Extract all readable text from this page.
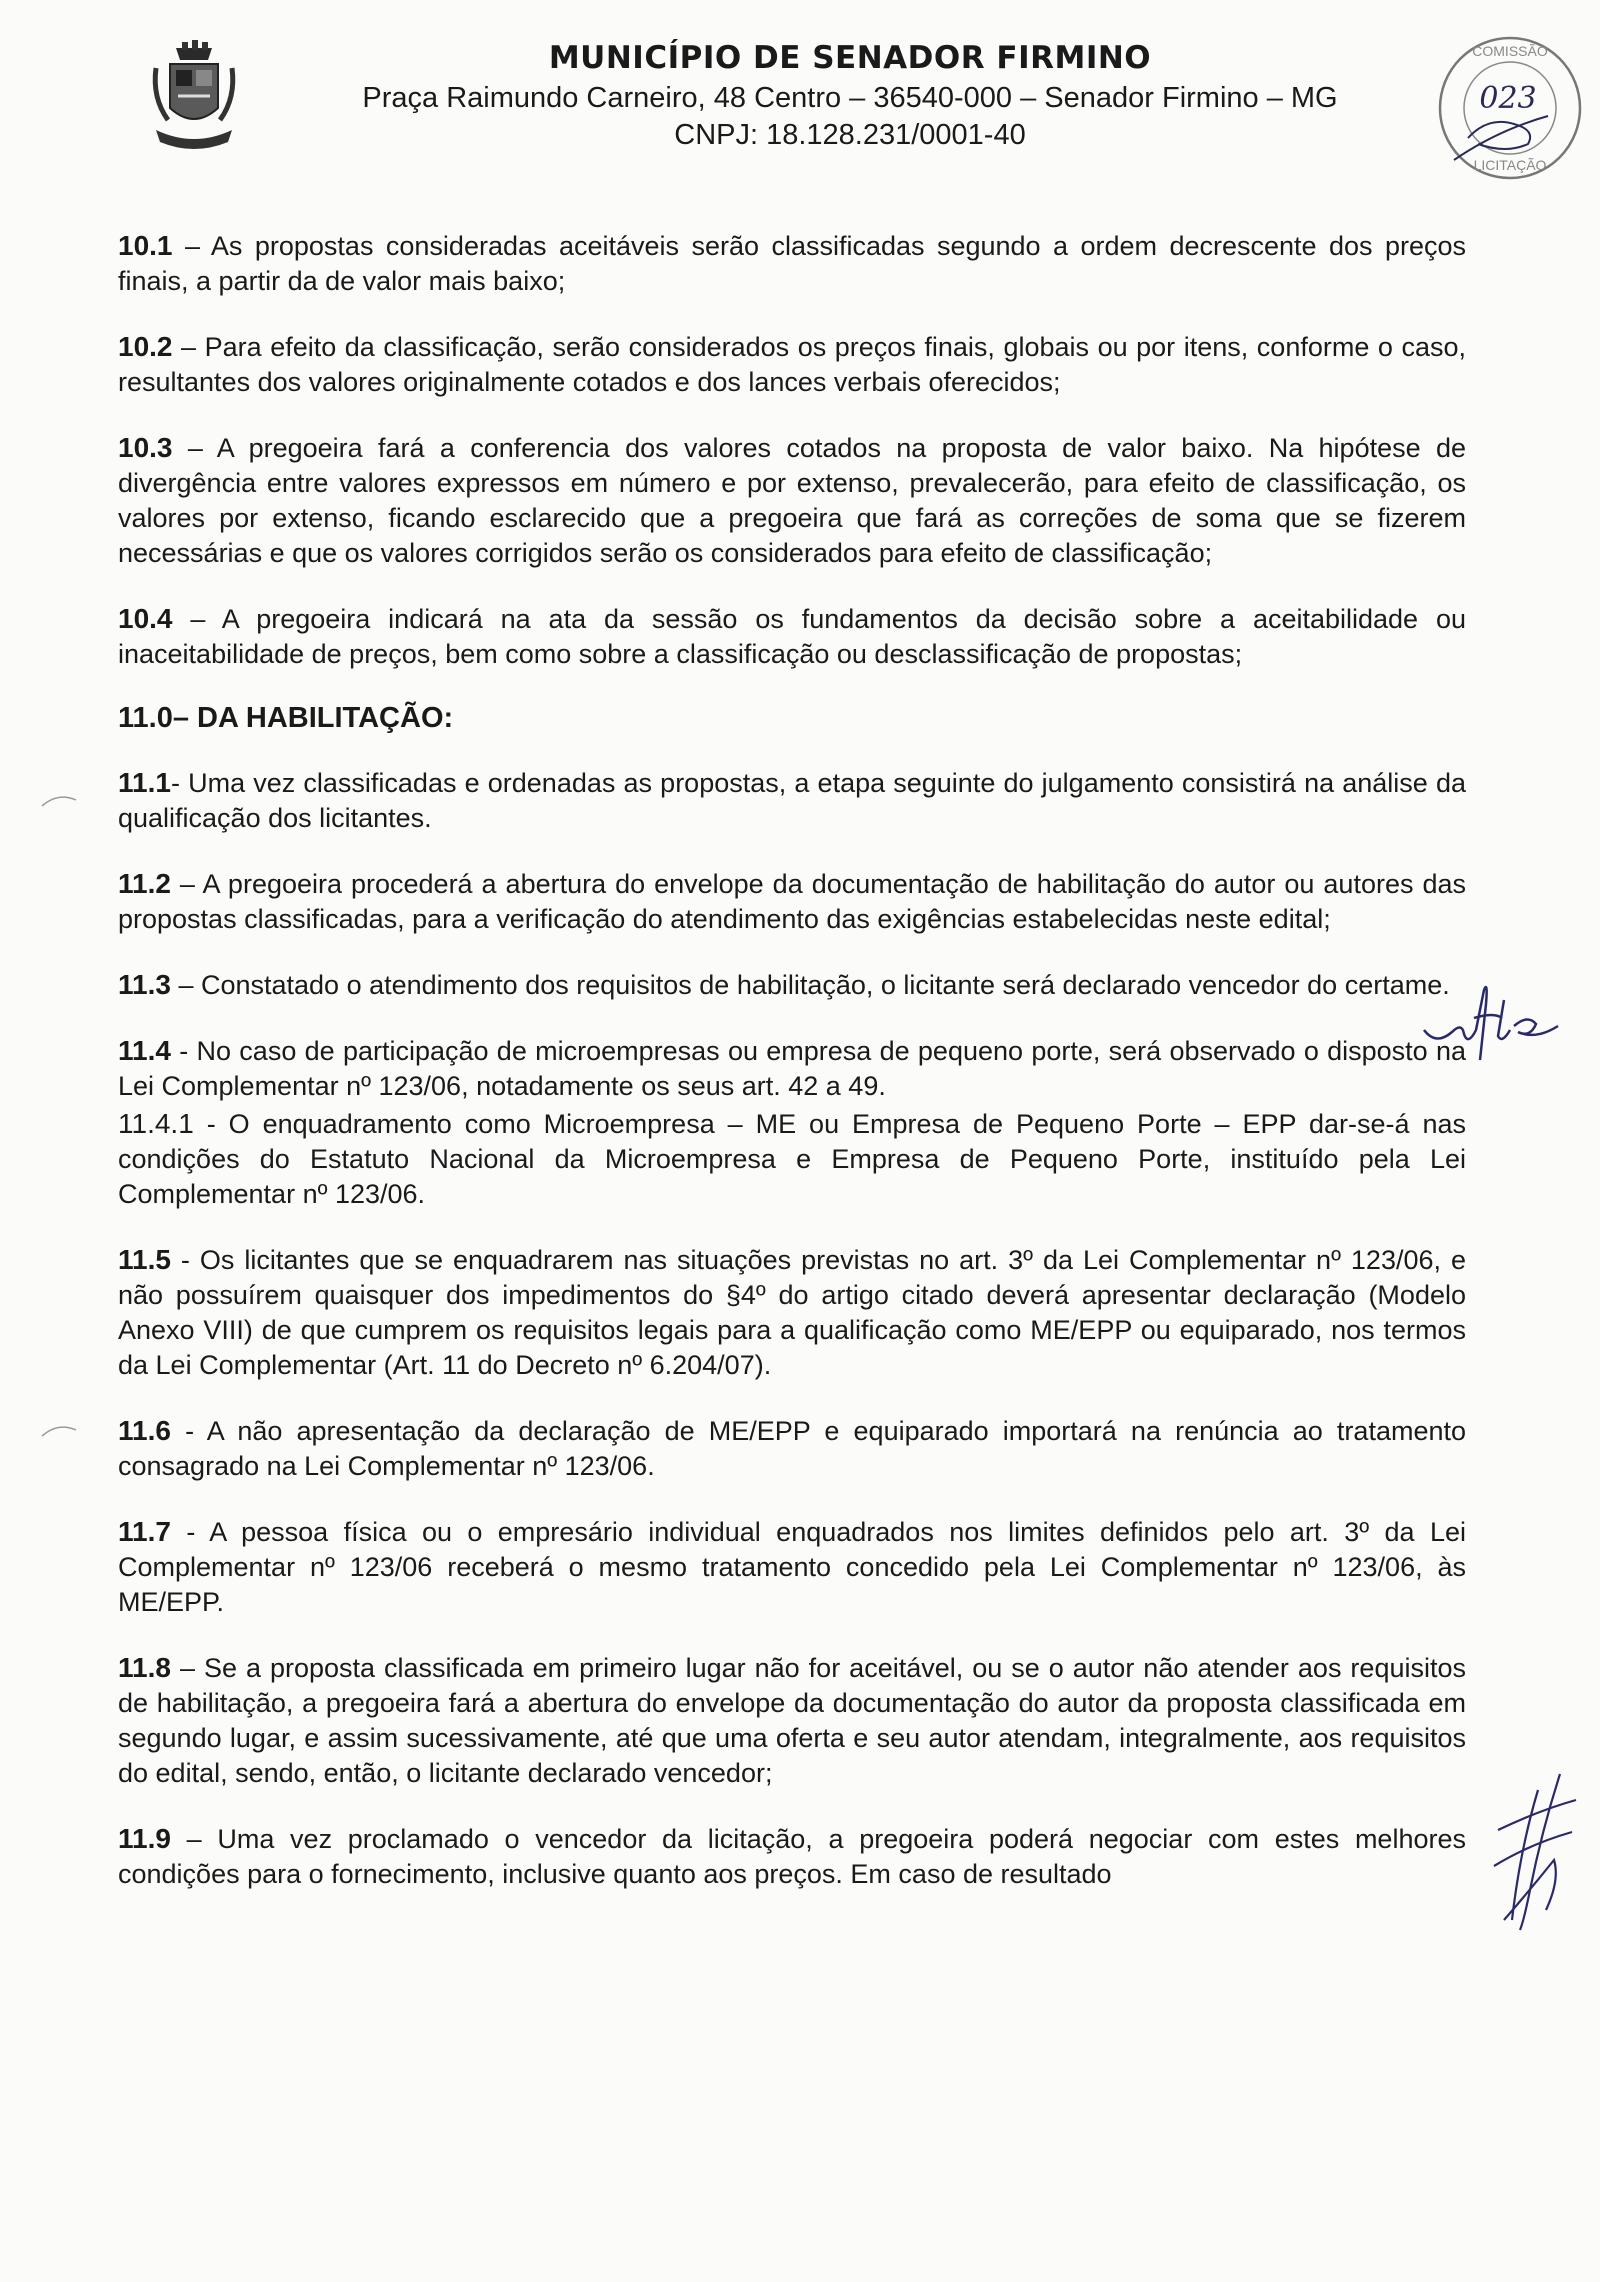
MUNICÍPIO DE SENADOR FIRMINO
Praça Raimundo Carneiro, 48 Centro – 36540-000 – Senador Firmino – MG
CNPJ: 18.128.231/0001-40
COMISSÃO
LICITAÇÃO
023

10.1 – As propostas consideradas aceitáveis serão classificadas segundo a ordem decrescente dos preços finais, a partir da de valor mais baixo;

10.2 – Para efeito da classificação, serão considerados os preços finais, globais ou por itens, conforme o caso, resultantes dos valores originalmente cotados e dos lances verbais oferecidos;

10.3 – A pregoeira fará a conferencia dos valores cotados na proposta de valor baixo. Na hipótese de divergência entre valores expressos em número e por extenso, prevalecerão, para efeito de classificação, os valores por extenso, ficando esclarecido que a pregoeira que fará as correções de soma que se fizerem necessárias e que os valores corrigidos serão os considerados para efeito de classificação;

10.4 – A pregoeira indicará na ata da sessão os fundamentos da decisão sobre a aceitabilidade ou inaceitabilidade de preços, bem como sobre a classificação ou desclassificação de propostas;

11.0– DA HABILITAÇÃO:

11.1- Uma vez classificadas e ordenadas as propostas, a etapa seguinte do julgamento consistirá na análise da qualificação dos licitantes.

11.2 – A pregoeira procederá a abertura do envelope da documentação de habilitação do autor ou autores das propostas classificadas, para a verificação do atendimento das exigências estabelecidas neste edital;

11.3 – Constatado o atendimento dos requisitos de habilitação, o licitante será declarado vencedor do certame.

11.4 - No caso de participação de microempresas ou empresa de pequeno porte, será observado o disposto na Lei Complementar nº 123/06, notadamente os seus art. 42 a 49.

11.4.1 - O enquadramento como Microempresa – ME ou Empresa de Pequeno Porte – EPP dar-se-á nas condições do Estatuto Nacional da Microempresa e Empresa de Pequeno Porte, instituído pela Lei Complementar nº 123/06.

11.5 - Os licitantes que se enquadrarem nas situações previstas no art. 3º da Lei Complementar nº 123/06, e não possuírem quaisquer dos impedimentos do §4º do artigo citado deverá apresentar declaração (Modelo Anexo VIII) de que cumprem os requisitos legais para a qualificação como ME/EPP ou equiparado, nos termos da Lei Complementar (Art. 11 do Decreto nº 6.204/07).

11.6 - A não apresentação da declaração de ME/EPP e equiparado importará na renúncia ao tratamento consagrado na Lei Complementar nº 123/06.

11.7 - A pessoa física ou o empresário individual enquadrados nos limites definidos pelo art. 3º da Lei Complementar nº 123/06 receberá o mesmo tratamento concedido pela Lei Complementar nº 123/06, às ME/EPP.

11.8 – Se a proposta classificada em primeiro lugar não for aceitável, ou se o autor não atender aos requisitos de habilitação, a pregoeira fará a abertura do envelope da documentação do autor da proposta classificada em segundo lugar, e assim sucessivamente, até que uma oferta e seu autor atendam, integralmente, aos requisitos do edital, sendo, então, o licitante declarado vencedor;

11.9 – Uma vez proclamado o vencedor da licitação, a pregoeira poderá negociar com estes melhores condições para o fornecimento, inclusive quanto aos preços. Em caso de resultado
